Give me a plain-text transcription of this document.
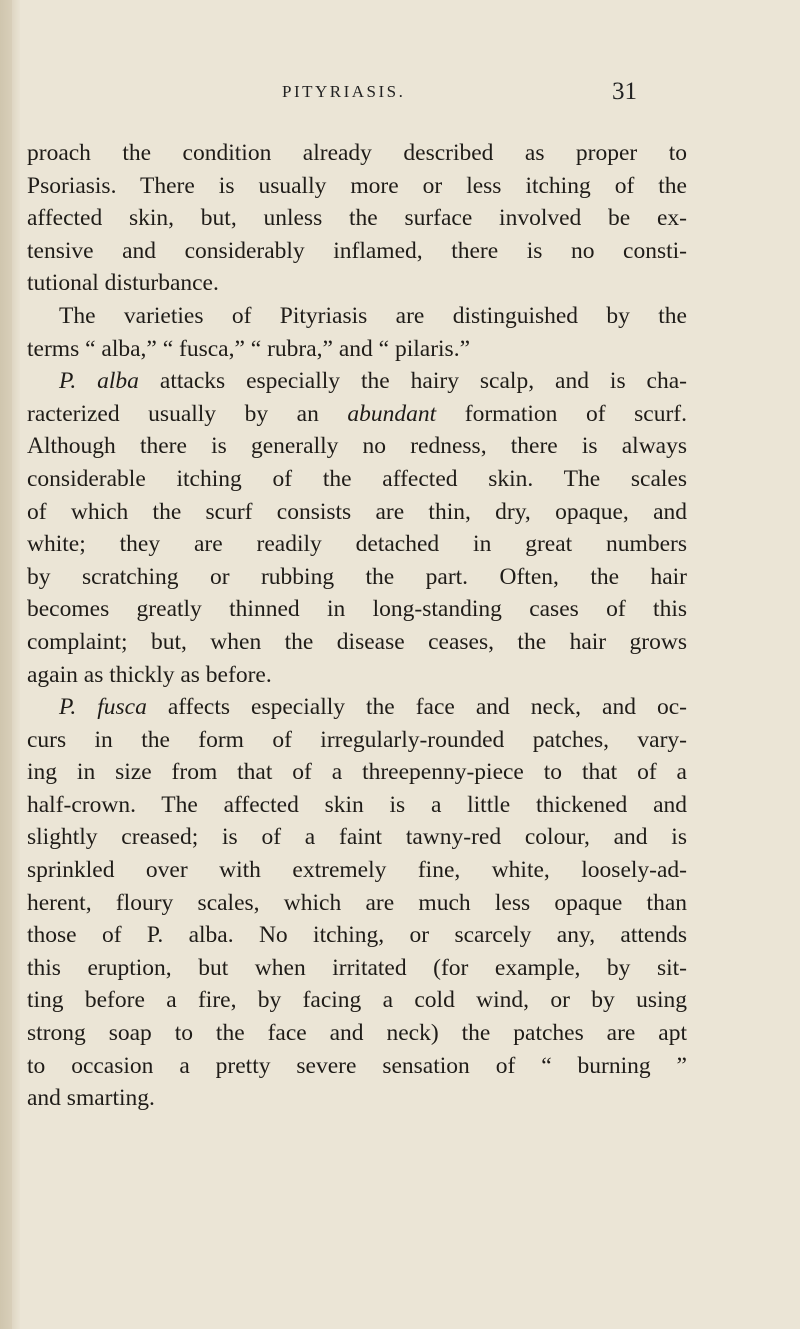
PITYRIASIS.	31
proach the condition already described as proper to
Psoriasis. There is usually more or less itching of the
affected skin, but, unless the surface involved be ex-
tensive and considerably inflamed, there is no consti-
tutional disturbance.
The varieties of Pityriasis are distinguished by the
terms “ alba,” “ fusca,” “ rubra,” and “ pilaris.”
P. alba attacks especially the hairy scalp, and is cha-
racterized usually by an abundant formation of scurf.
Although there is generally no redness, there is always
considerable itching of the affected skin. The scales
of which the scurf consists are thin, dry, opaque, and
white; they are readily detached in great numbers
by scratching or rubbing the part. Often, the hair
becomes greatly thinned in long-standing cases of this
complaint; but, when the disease ceases, the hair grows
again as thickly as before.
P. fusca affects especially the face and neck, and oc-
curs in the form of irregularly-rounded patches, vary-
ing in size from that of a threepenny-piece to that of a
half-crown. The affected skin is a little thickened and
slightly creased; is of a faint tawny-red colour, and is
sprinkled over with extremely fine, white, loosely-ad-
herent, floury scales, which are much less opaque than
those of P. alba. No itching, or scarcely any, attends
this eruption, but when irritated (for example, by sit-
ting before a fire, by facing a cold wind, or by using
strong soap to the face and neck) the patches are apt
to occasion a pretty severe sensation of “ burning ”
and smarting.
